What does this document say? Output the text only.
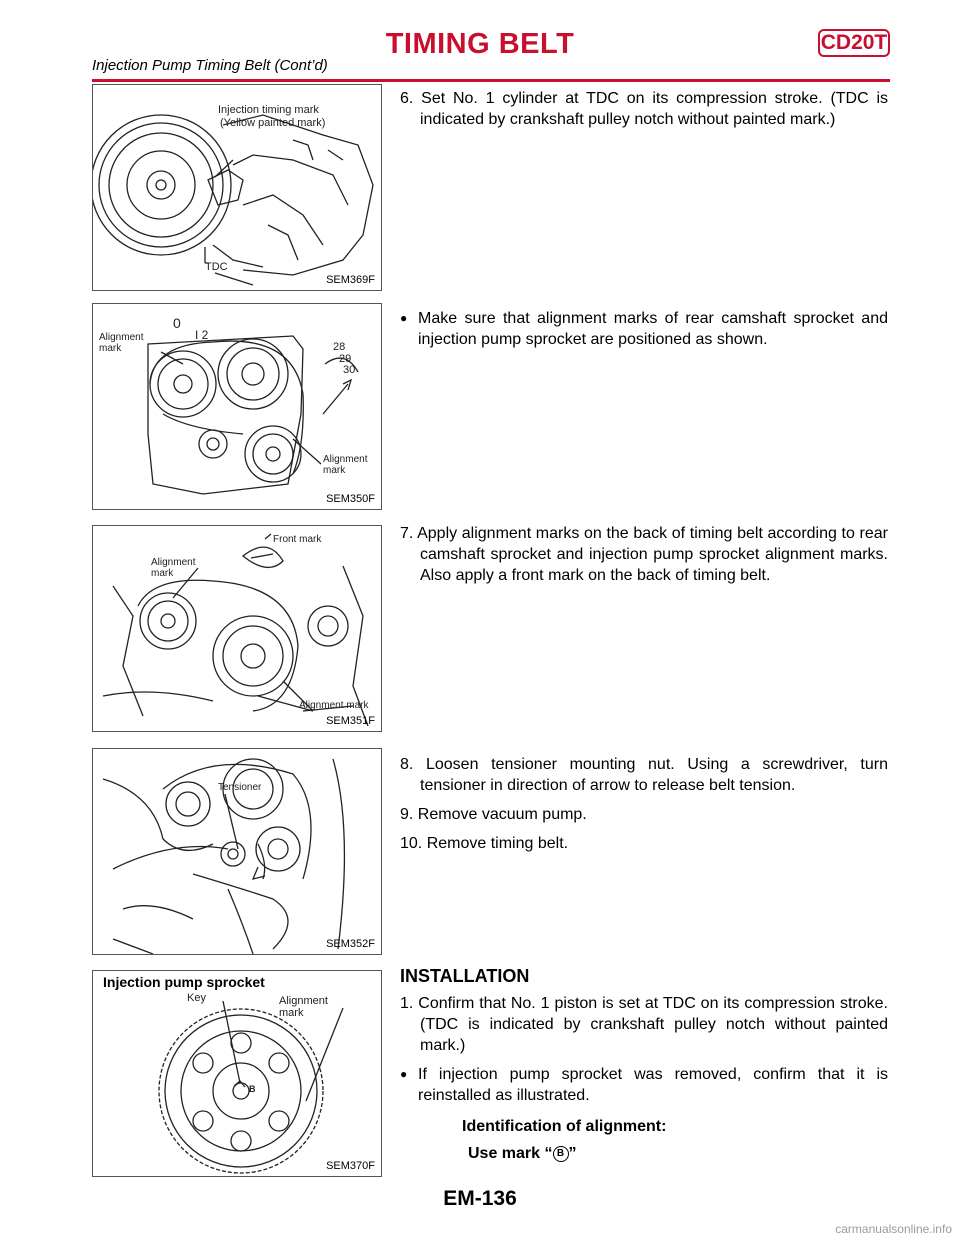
TIMING BELT	CD20T
Injection Pump Timing Belt (Cont’d)
Injection timing mark
(Yellow painted mark)
TDC
SEM369F
Alignment
mark
0
I 2
28
29
30
Alignment
mark
SEM350F
Front mark
Alignment
mark
Alignment mark
SEM351F
Tensioner
SEM352F
Injection pump sprocket
Key	Alignment
mark
B
SEM370F
6. Set No. 1 cylinder at TDC on its compression stroke. (TDC is indicated by crankshaft pulley notch without painted mark.)
● Make sure that alignment marks of rear camshaft sprocket and injection pump sprocket are positioned as shown.
7. Apply alignment marks on the back of timing belt according to rear camshaft sprocket and injection pump sprocket alignment marks. Also apply a front mark on the back of timing belt.
8. Loosen tensioner mounting nut. Using a screwdriver, turn tensioner in direction of arrow to release belt tension.
9. Remove vacuum pump.
10. Remove timing belt.
INSTALLATION
1. Confirm that No. 1 piston is set at TDC on its compression stroke. (TDC is indicated by crankshaft pulley notch without painted mark.)
● If injection pump sprocket was removed, confirm that it is reinstalled as illustrated.
Identification of alignment:
Use mark “ B ”
EM-136
carmanualsonline.info
